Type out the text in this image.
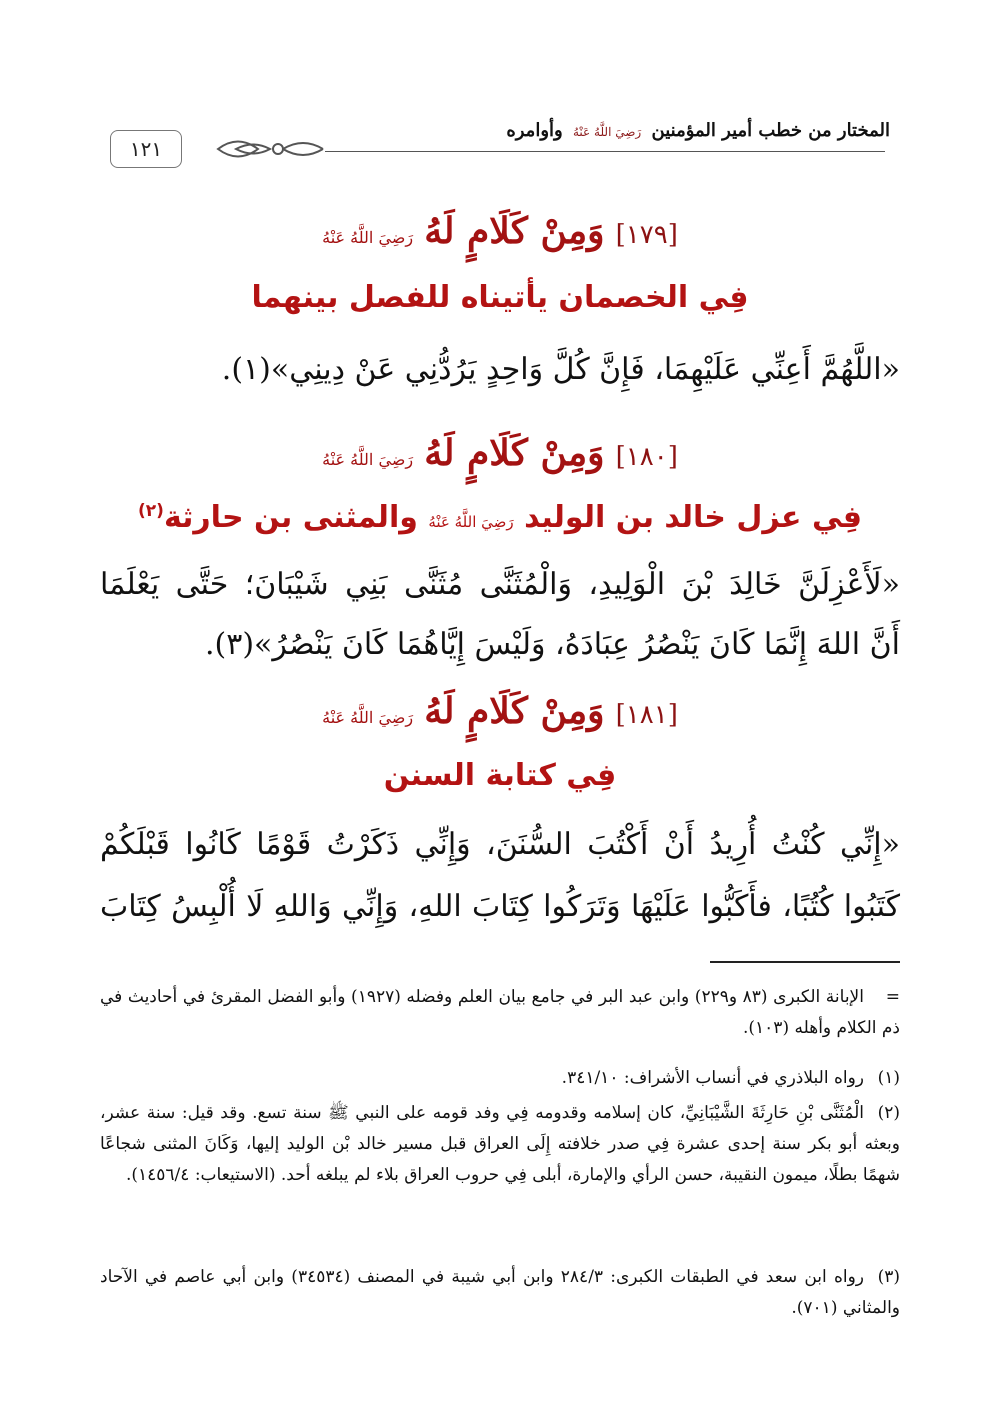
١٢١
المختار من خطب أمير المؤمنين رَضِيَ اللَّهُ عَنْهُ وأوامره
[١٧٩] وَمِنْ كَلَامٍ لَهُ رَضِيَ اللَّهُ عَنْهُ
فِي الخصمان يأتيناه للفصل بينهما
«اللَّهُمَّ أَعِنِّي عَلَيْهِمَا، فَإِنَّ كُلَّ وَاحِدٍ يَرُدُّنِي عَنْ دِينِي»(١).
[١٨٠] وَمِنْ كَلَامٍ لَهُ رَضِيَ اللَّهُ عَنْهُ
فِي عزل خالد بن الوليد رَضِيَ اللَّهُ عَنْهُ والمثنى بن حارثة$^{(٢)}$
«لَأَعْزِلَنَّ خَالِدَ بْنَ الْوَلِيدِ، وَالْمُثَنَّى مُثَنَّى بَنِي شَيْبَانَ؛ حَتَّى يَعْلَمَا
أَنَّ اللهَ إِنَّمَا كَانَ يَنْصُرُ عِبَادَهُ، وَلَيْسَ إِيَّاهُمَا كَانَ يَنْصُرُ»(٣).
[١٨١] وَمِنْ كَلَامٍ لَهُ رَضِيَ اللَّهُ عَنْهُ
فِي كتابة السنن
«إِنِّي كُنْتُ أُرِيدُ أَنْ أَكْتُبَ السُّنَنَ، وَإِنِّي ذَكَرْتُ قَوْمًا كَانُوا قَبْلَكُمْ
كَتَبُوا كُتُبًا، فأَكَبُّوا عَلَيْهَا وَتَرَكُوا كِتَابَ اللهِ، وَإِنِّي وَاللهِ لَا أُلْبِسُ كِتَابَ
=الإبانة الكبرى (٨٣ و٢٢٩) وابن عبد البر في جامع بيان العلم وفضله (١٩٢٧) وأبو الفضل المقرئ في أحاديث في ذم الكلام وأهله (١٠٣).
(١)رواه البلاذري في أنساب الأشراف: ٣٤١/١٠.
(٢)الْمُثَنَّى بْنِ حَارِثَةَ الشَّيْبَانِيِّ، كان إسلامه وقدومه فِي وفد قومه على النبي ﷺ سنة تسع. وقد قيل: سنة عشر، وبعثه أبو بكر سنة إحدى عشرة فِي صدر خلافته إِلَى العراق قبل مسير خالد بْن الوليد إليها، وَكَانَ المثنى شجاعًا شهمًا بطلًا، ميمون النقيبة، حسن الرأي والإمارة، أبلى فِي حروب العراق بلاء لم يبلغه أحد. (الاستيعاب: ١٤٥٦/٤).
(٣)رواه ابن سعد في الطبقات الكبرى: ٢٨٤/٣ وابن أبي شيبة في المصنف (٣٤٥٣٤) وابن أبي عاصم في الآحاد والمثاني (٧٠١).
